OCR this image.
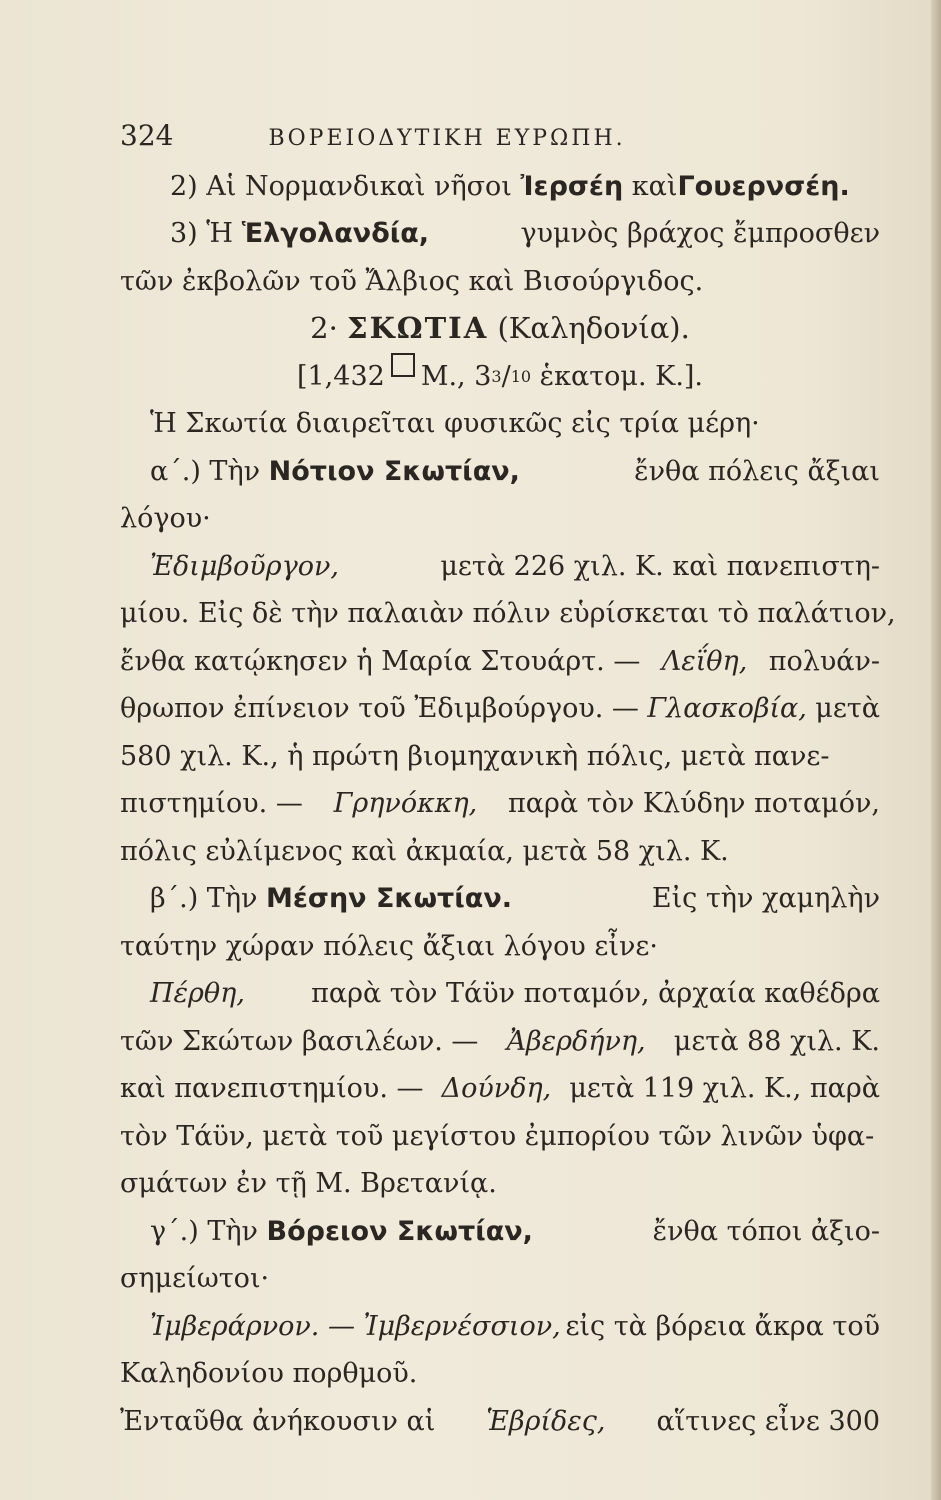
324	ΒΟΡΕΙΟΔΥΤΙΚΗ ΕΥΡΩΠΗ.
2) Αἱ Νορμανδικαὶ νῆσοι
Ἰερσέη
καὶ Γουερνσέη.
3) Ἡ Ἑλγολανδία,	γυμνὸς βράχος ἔμπροσθεν
τῶν ἐκβολῶν τοῦ Ἄλβιος καὶ Βισούργιδος.
2·
ΣΚΩΤΙΑ
(Καληδονία).
[1,432 Μ., 3 3 / 10
ἑκατομ. Κ.].
Ἡ Σκωτία διαιρεῖται φυσικῶς εἰς τρία μέρη·
α΄.) Τὴν Νότιον Σκωτίαν,	ἔνθα πόλεις ἄξιαι
λόγου·
Ἐδιμβοῦργον,	μετὰ 226 χιλ. Κ. καὶ πανεπιστη-
μίου. Εἰς δὲ τὴν παλαιὰν πόλιν εὑρίσκεται τὸ παλάτιον,
ἔνθα κατῴκησεν ἡ Μαρία Στουάρτ. — Λεΐθη, πολυάν-
θρωπον ἐπίνειον τοῦ Ἐδιμβούργου. — Γλασκοβία, μετὰ
580 χιλ. Κ., ἡ πρώτη βιομηχανικὴ πόλις, μετὰ πανε-
πιστημίου. — Γρηνόκκη, παρὰ τὸν Κλύδην ποταμόν,
πόλις εὐλίμενος καὶ ἀκμαία, μετὰ 58 χιλ. Κ.
β΄.) Τὴν Μέσην Σκωτίαν.	Εἰς τὴν χαμηλὴν
ταύτην χώραν πόλεις ἄξιαι λόγου εἶνε·
Πέρθη, παρὰ τὸν Τάϋν ποταμόν, ἀρχαία καθέδρα
τῶν Σκώτων βασιλέων. — Ἀβερδήνη, μετὰ 88 χιλ. Κ.
καὶ πανεπιστημίου. — Δούνδη, μετὰ 119 χιλ. Κ., παρὰ
τὸν Τάϋν, μετὰ τοῦ μεγίστου ἐμπορίου τῶν λινῶν ὑφα-
σμάτων ἐν τῇ Μ. Βρετανίᾳ.
γ΄.) Τὴν Βόρειον Σκωτίαν,	ἔνθα τόποι ἀξιο-
σημείωτοι·
Ἰμβεράρνον. — Ἰμβερνέσσιον, εἰς τὰ βόρεια ἄκρα τοῦ
Καληδονίου πορθμοῦ.
Ἐνταῦθα ἀνήκουσιν αἱ Ἑβρίδες, αἵτινες εἶνε 300
